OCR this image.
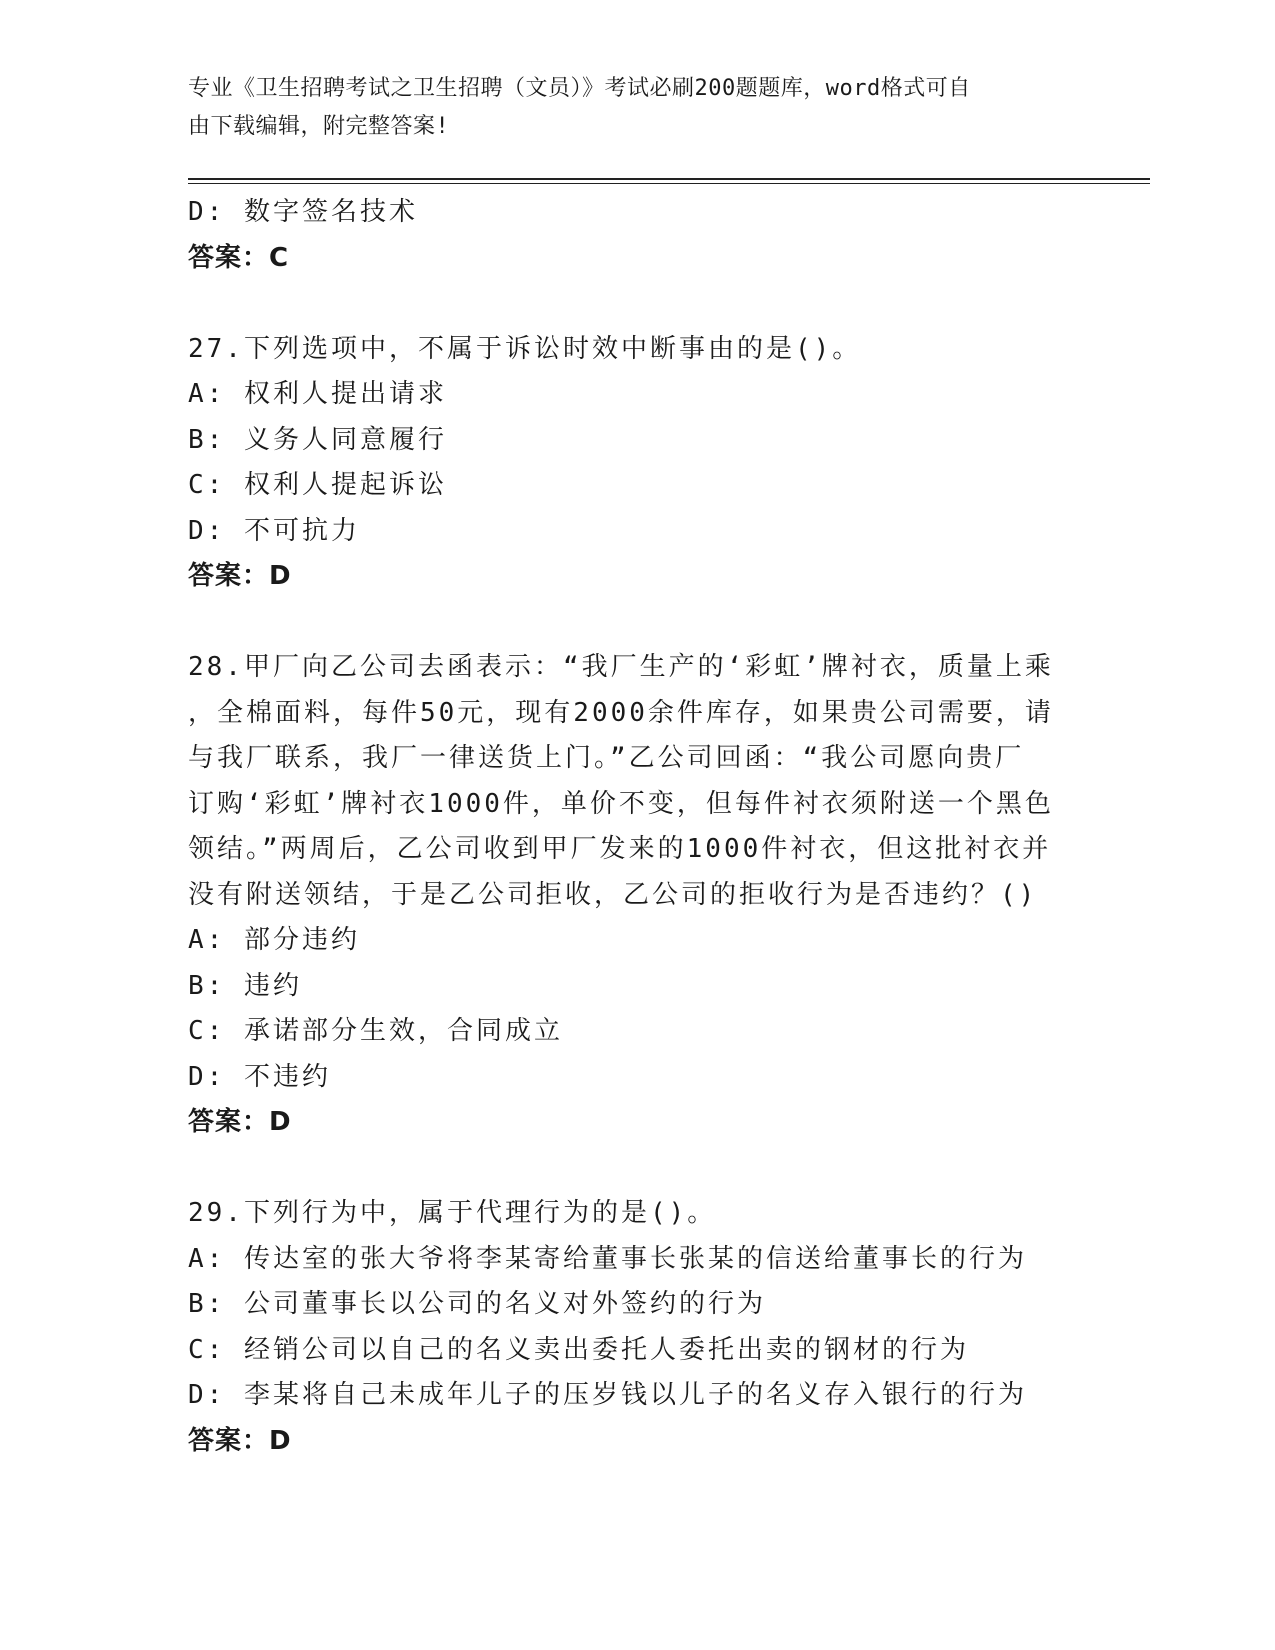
专业《卫生招聘考试之卫生招聘（文员）》考试必刷200题题库，word格式可自
由下载编辑，附完整答案!
D: 数字签名技术
答案：C
27.下列选项中，不属于诉讼时效中断事由的是()。
A: 权利人提出请求
B: 义务人同意履行
C: 权利人提起诉讼
D: 不可抗力
答案：D
28.甲厂向乙公司去函表示：“我厂生产的‘彩虹’牌衬衣，质量上乘
，全棉面料，每件50元，现有2000余件库存，如果贵公司需要，请
与我厂联系，我厂一律送货上门。”乙公司回函：“我公司愿向贵厂
订购‘彩虹’牌衬衣1000件，单价不变，但每件衬衣须附送一个黑色
领结。”两周后，乙公司收到甲厂发来的1000件衬衣，但这批衬衣并
没有附送领结，于是乙公司拒收，乙公司的拒收行为是否违约？()
A: 部分违约
B: 违约
C: 承诺部分生效，合同成立
D: 不违约
答案：D
29.下列行为中，属于代理行为的是()。
A: 传达室的张大爷将李某寄给董事长张某的信送给董事长的行为
B: 公司董事长以公司的名义对外签约的行为
C: 经销公司以自己的名义卖出委托人委托出卖的钢材的行为
D: 李某将自己未成年儿子的压岁钱以儿子的名义存入银行的行为
答案：D
